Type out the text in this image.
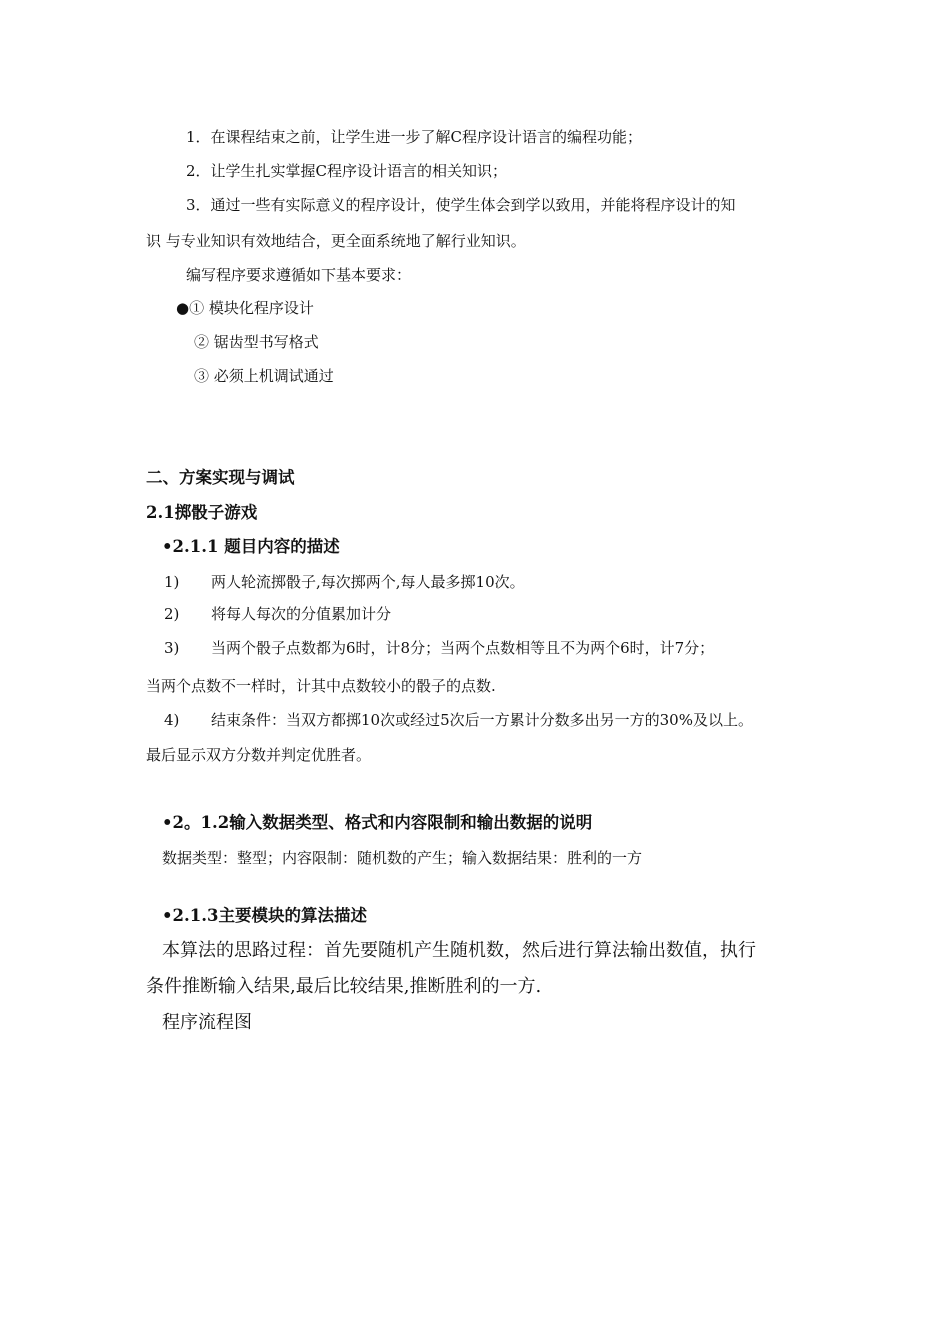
1．在课程结束之前，让学生进一步了解C程序设计语言的编程功能；
2．让学生扎实掌握C程序设计语言的相关知识；
3．通过一些有实际意义的程序设计，使学生体会到学以致用，并能将程序设计的知
识 与专业知识有效地结合，更全面系统地了解行业知识。
编写程序要求遵循如下基本要求：
●① 模块化程序设计
② 锯齿型书写格式
③ 必须上机调试通过
二、方案实现与调试
2.1掷骰子游戏
•2.1.1 题目内容的描述
1) 两人轮流掷骰子,每次掷两个,每人最多掷10次。
2) 将每人每次的分值累加计分
3) 当两个骰子点数都为6时，计8分；当两个点数相等且不为两个6时，计7分；
当两个点数不一样时，计其中点数较小的骰子的点数.
4) 结束条件：当双方都掷10次或经过5次后一方累计分数多出另一方的30%及以上。
最后显示双方分数并判定优胜者。
•2。1.2输入数据类型、格式和内容限制和输出数据的说明
数据类型：整型；内容限制：随机数的产生；输入数据结果：胜利的一方
•2.1.3主要模块的算法描述
本算法的思路过程：首先要随机产生随机数，然后进行算法输出数值，执行
条件推断输入结果,最后比较结果,推断胜利的一方.
程序流程图
